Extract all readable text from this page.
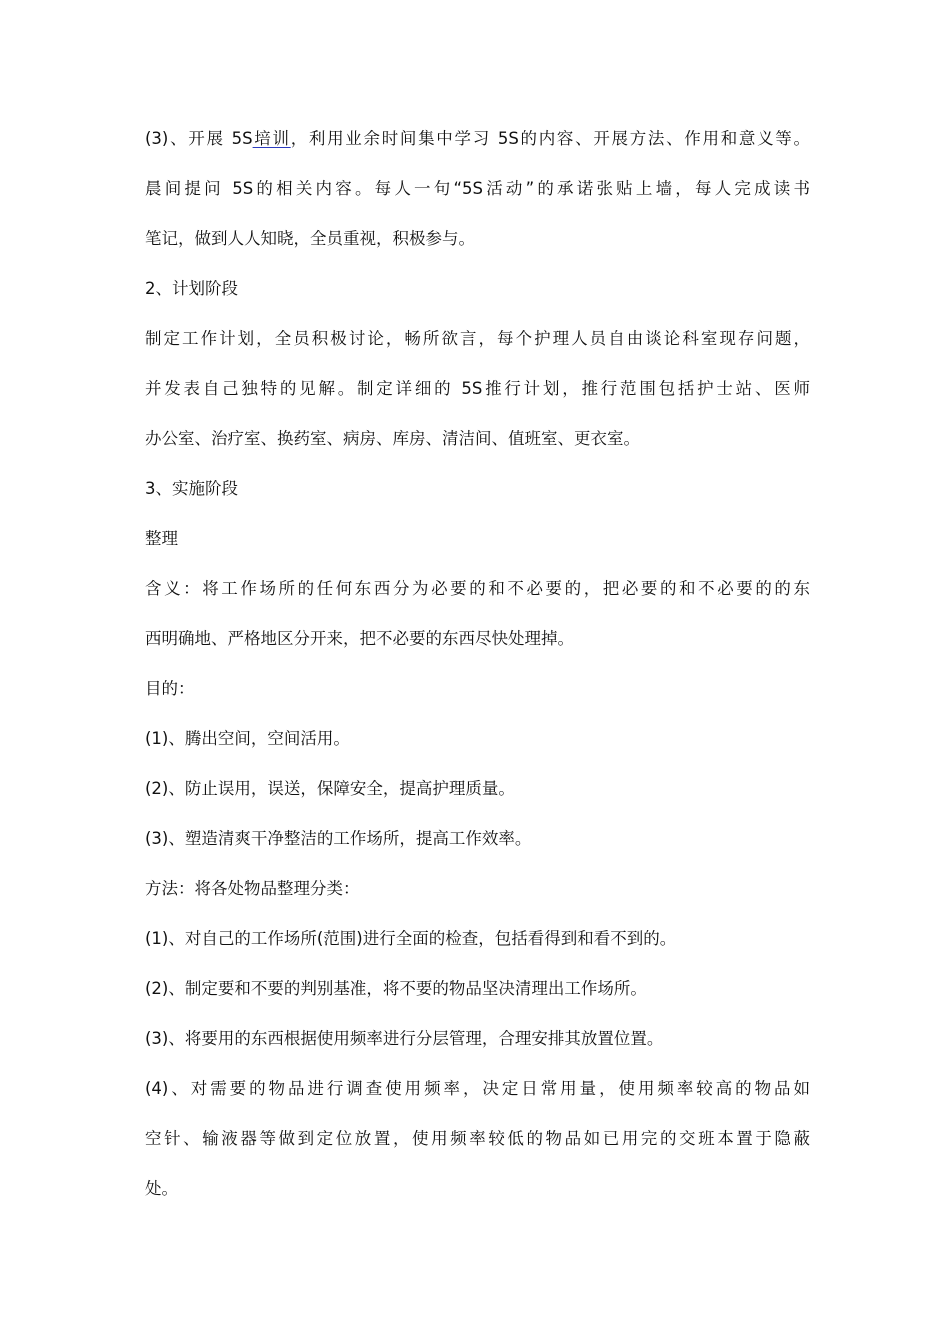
(3)、开展 5S培训，利用业余时间集中学习 5S的内容、开展方法、作用和意义等。
晨间提问 5S的相关内容。每人一句“5S活动”的承诺张贴上墙，每人完成读书
笔记，做到人人知晓，全员重视，积极参与。
2、计划阶段
制定工作计划，全员积极讨论，畅所欲言，每个护理人员自由谈论科室现存问题，
并发表自己独特的见解。制定详细的 5S推行计划，推行范围包括护士站、医师
办公室、治疗室、换药室、病房、库房、清洁间、值班室、更衣室。
3、实施阶段
整理
含义：将工作场所的任何东西分为必要的和不必要的，把必要的和不必要的的东
西明确地、严格地区分开来，把不必要的东西尽快处理掉。
目的：
(1)、腾出空间，空间活用。
(2)、防止误用，误送，保障安全，提高护理质量。
(3)、塑造清爽干净整洁的工作场所，提高工作效率。
方法：将各处物品整理分类：
(1)、对自己的工作场所(范围)进行全面的检查，包括看得到和看不到的。
(2)、制定要和不要的判别基准，将不要的物品坚决清理出工作场所。
(3)、将要用的东西根据使用频率进行分层管理，合理安排其放置位置。
(4)、对需要的物品进行调查使用频率，决定日常用量，使用频率较高的物品如
空针、输液器等做到定位放置，使用频率较低的物品如已用完的交班本置于隐蔽
处。
